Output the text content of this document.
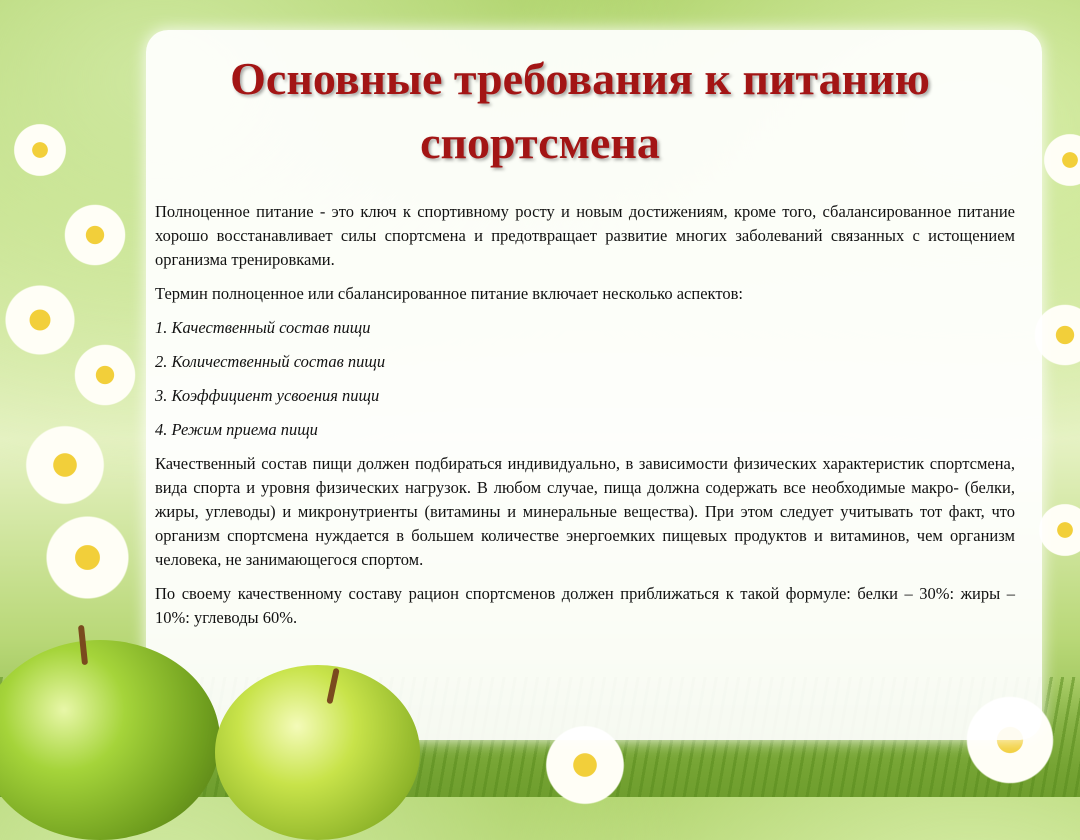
Основные требования к питанию
спортсмена

Полноценное питание - это ключ к спортивному росту и новым достижениям, кроме того, сбалансированное питание хорошо восстанавливает силы спортсмена и предотвращает развитие многих заболеваний связанных с истощением организма тренировками.

Термин полноценное или сбалансированное питание включает несколько аспектов:

1. Качественный состав пищи
2. Количественный состав пищи
3. Коэффициент усвоения пищи
4. Режим приема пищи

Качественный состав пищи должен подбираться индивидуально, в зависимости физических характеристик спортсмена, вида спорта и уровня физических нагрузок. В любом случае, пища должна содержать все необходимые макро- (белки, жиры, углеводы) и микронутриенты (витамины и минеральные вещества). При этом следует учитывать тот факт, что организм спортсмена нуждается в большем количестве энергоемких пищевых продуктов и витаминов, чем организм человека, не занимающегося спортом.

По своему качественному составу рацион спортсменов должен приближаться к такой формуле: белки – 30%: жиры – 10%: углеводы 60%.
